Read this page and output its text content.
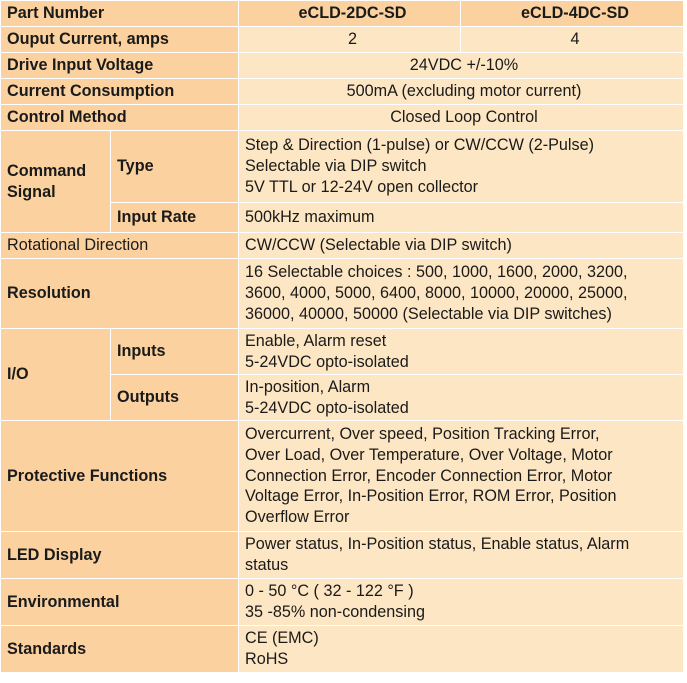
Part Number		eCLD-2DC-SD	eCLD-4DC-SD
Ouput Current, amps		2	4
Drive Input Voltage		24VDC +/-10%	
Current Consumption		500mA (excluding motor current)	
Control Method		Closed Loop Control	
Command
Signal	Type	Step & Direction (1-pulse) or CW/CCW (2-Pulse)
Selectable via DIP switch
5V TTL or 12-24V open collector	
	Input Rate	500kHz maximum	
Rotational Direction		CW/CCW (Selectable via DIP switch)	
Resolution		16 Selectable choices : 500, 1000, 1600, 2000, 3200,
3600, 4000, 5000, 6400, 8000, 10000, 20000, 25000,
36000, 40000, 50000 (Selectable via DIP switches)	
I/O	Inputs	Enable, Alarm reset
5-24VDC opto-isolated	
	Outputs	In-position, Alarm
5-24VDC opto-isolated	
Protective Functions		Overcurrent, Over speed, Position Tracking Error,
Over Load, Over Temperature, Over Voltage, Motor
Connection Error, Encoder Connection Error, Motor
Voltage Error, In-Position Error, ROM Error, Position
Overflow Error	
LED Display		Power status, In-Position status, Enable status, Alarm
status	
Environmental		0 - 50 °C ( 32 - 122 °F )
35 -85% non-condensing	
Standards		CE (EMC)
RoHS	
